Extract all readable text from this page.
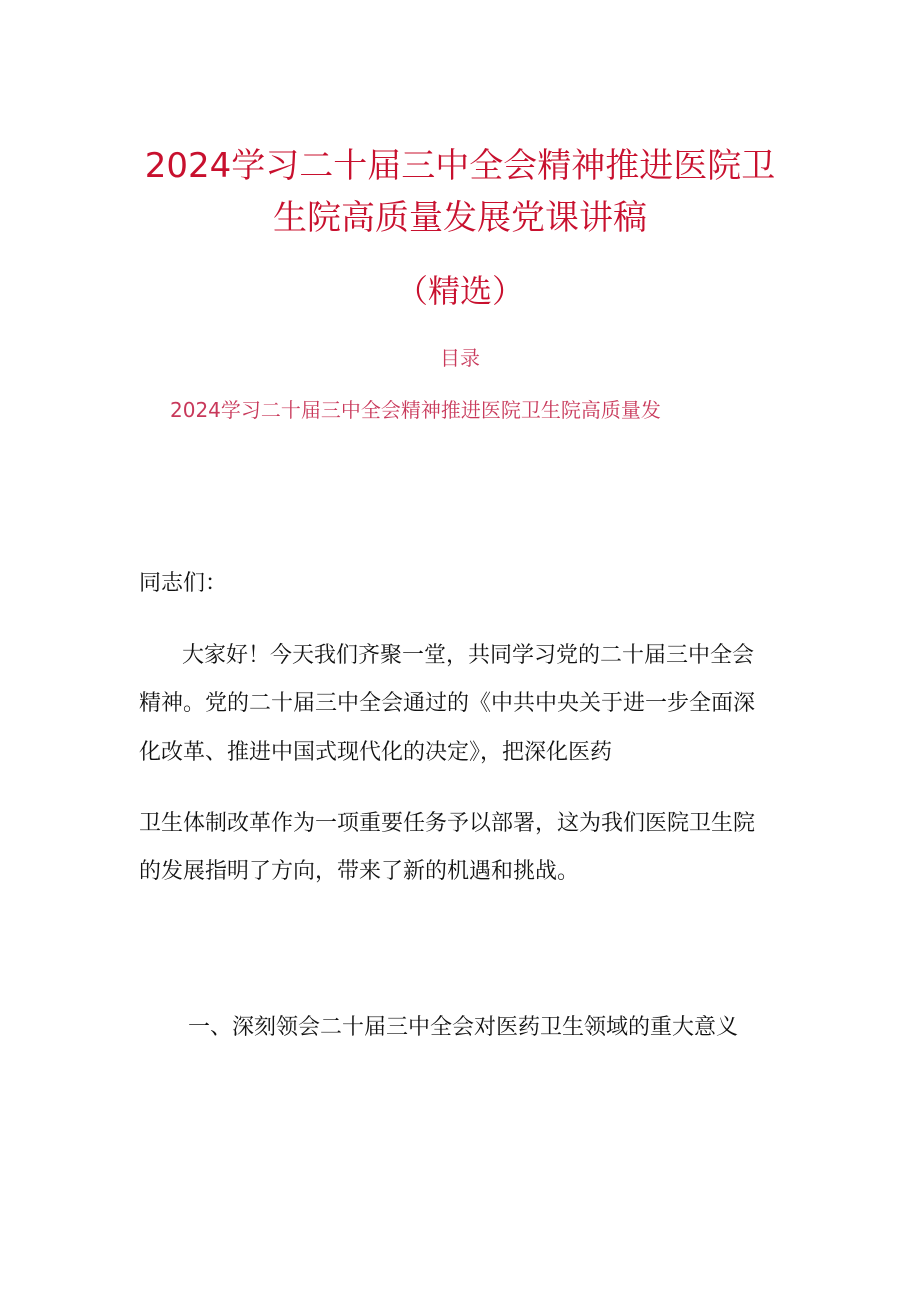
2024学习二十届三中全会精神推进医院卫
生院高质量发展党课讲稿
（精选）
目录
2024学习二十届三中全会精神推进医院卫生院高质量发
同志们：
大家好！今天我们齐聚一堂，共同学习党的二十届三中全会
精神。党的二十届三中全会通过的《中共中央关于进一步全面深
化改革、推进中国式现代化的决定》，把深化医药
卫生体制改革作为一项重要任务予以部署，这为我们医院卫生院
的发展指明了方向，带来了新的机遇和挑战。
一、深刻领会二十届三中全会对医药卫生领域的重大意义
